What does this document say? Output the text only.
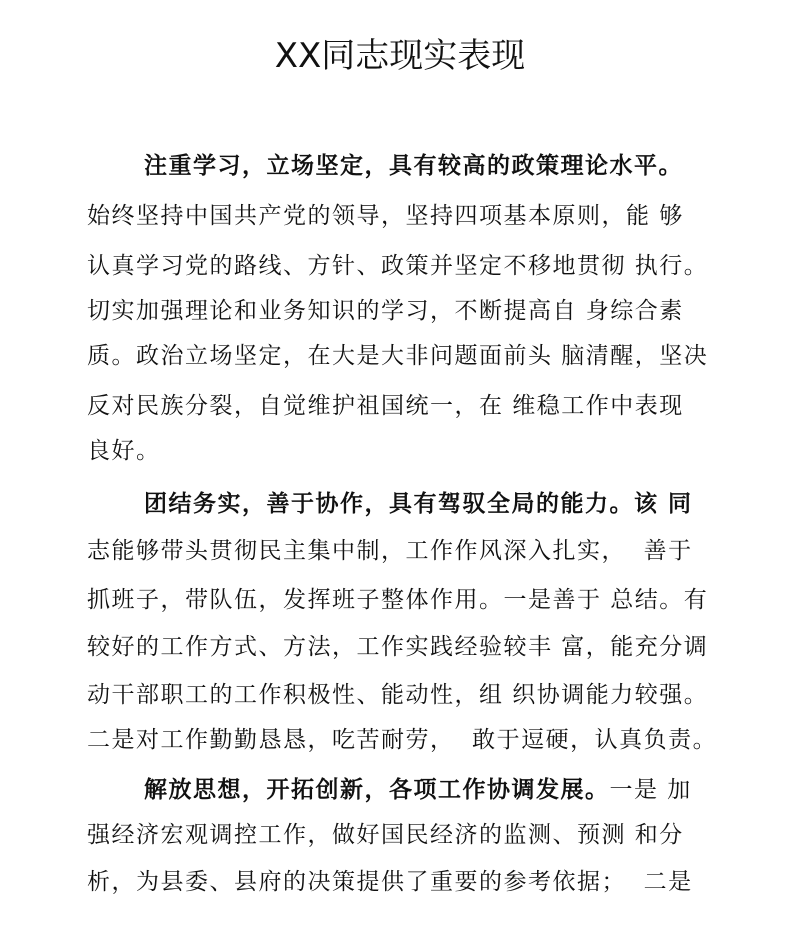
XX同志现实表现
注重学习，立场坚定，具有较高的政策理论水平。
始终坚持中国共产党的领导，坚持四项基本原则，能 够
认真学习党的路线、方针、政策并坚定不移地贯彻 执行。
切实加强理论和业务知识的学习，不断提高自 身综合素
质。政治立场坚定，在大是大非问题面前头 脑清醒，坚决
反对民族分裂，自觉维护祖国统一，在 维稳工作中表现
良好。
团结务实，善于协作，具有驾驭全局的能力。该 同
志能够带头贯彻民主集中制，工作作风深入扎实，  善于
抓班子，带队伍，发挥班子整体作用。一是善于 总结。有
较好的工作方式、方法，工作实践经验较丰 富，能充分调
动干部职工的工作积极性、能动性，组 织协调能力较强。
二是对工作勤勤恳恳，吃苦耐劳，  敢于逗硬，认真负责。
解放思想，开拓创新，各项工作协调发展。一是 加
强经济宏观调控工作，做好国民经济的监测、预测 和分
析，为县委、县府的决策提供了重要的参考依据；  二是
